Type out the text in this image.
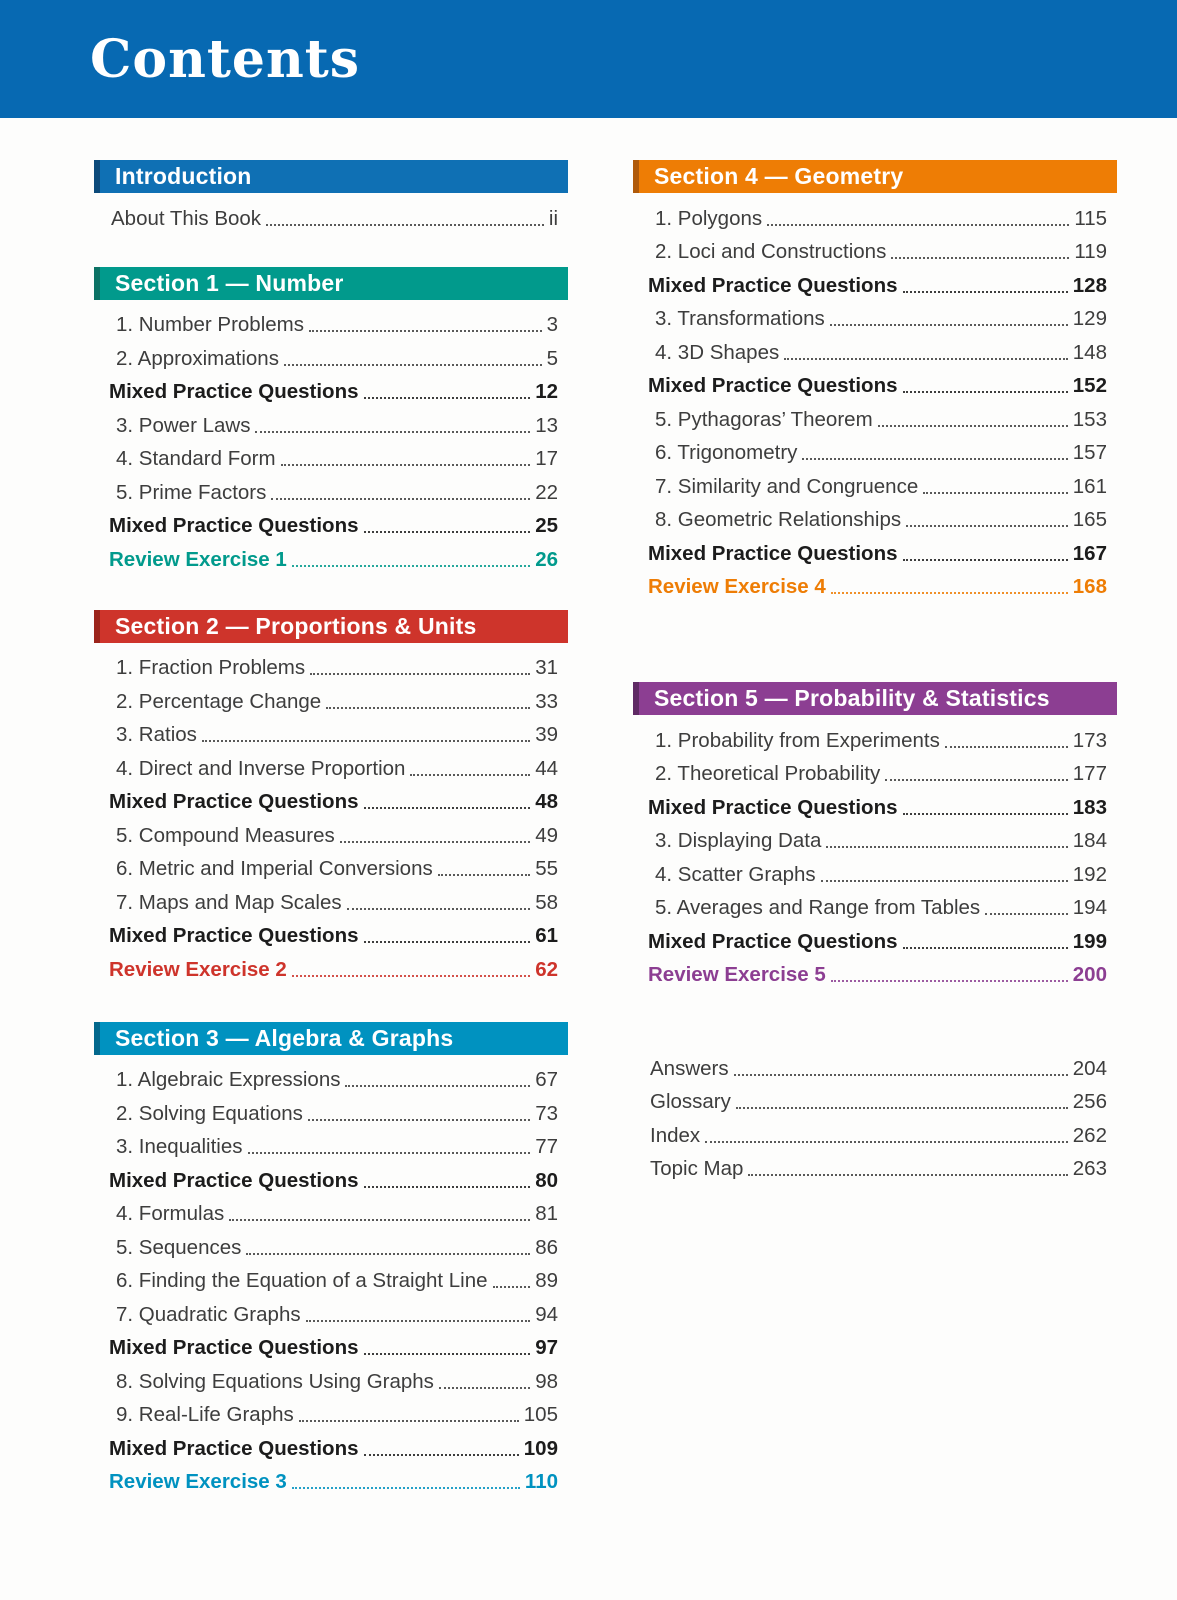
Contents
Introduction
About This Book	ii
Section 1 — Number
1. Number Problems	3
2. Approximations	5
Mixed Practice Questions	12
3. Power Laws	13
4. Standard Form	17
5. Prime Factors	22
Mixed Practice Questions	25
Review Exercise 1	26
Section 2 — Proportions & Units
1. Fraction Problems	31
2. Percentage Change	33
3. Ratios	39
4. Direct and Inverse Proportion	44
Mixed Practice Questions	48
5. Compound Measures	49
6. Metric and Imperial Conversions	55
7. Maps and Map Scales	58
Mixed Practice Questions	61
Review Exercise 2	62
Section 3 — Algebra & Graphs
1. Algebraic Expressions	67
2. Solving Equations	73
3. Inequalities	77
Mixed Practice Questions	80
4. Formulas	81
5. Sequences	86
6. Finding the Equation of a Straight Line 89
7. Quadratic Graphs	94
Mixed Practice Questions	97
8. Solving Equations Using Graphs	98
9. Real-Life Graphs	105
Mixed Practice Questions	109
Review Exercise 3	110
Section 4 — Geometry
1. Polygons	115
2. Loci and Constructions	119
Mixed Practice Questions	128
3. Transformations	129
4. 3D Shapes	148
Mixed Practice Questions	152
5. Pythagoras’ Theorem	153
6. Trigonometry	157
7. Similarity and Congruence	161
8. Geometric Relationships	165
Mixed Practice Questions	167
Review Exercise 4	168
Section 5 — Probability & Statistics
1. Probability from Experiments	173
2. Theoretical Probability	177
Mixed Practice Questions	183
3. Displaying Data	184
4. Scatter Graphs	192
5. Averages and Range from Tables	194
Mixed Practice Questions	199
Review Exercise 5	200
Answers	204
Glossary	256
Index	262
Topic Map	263
